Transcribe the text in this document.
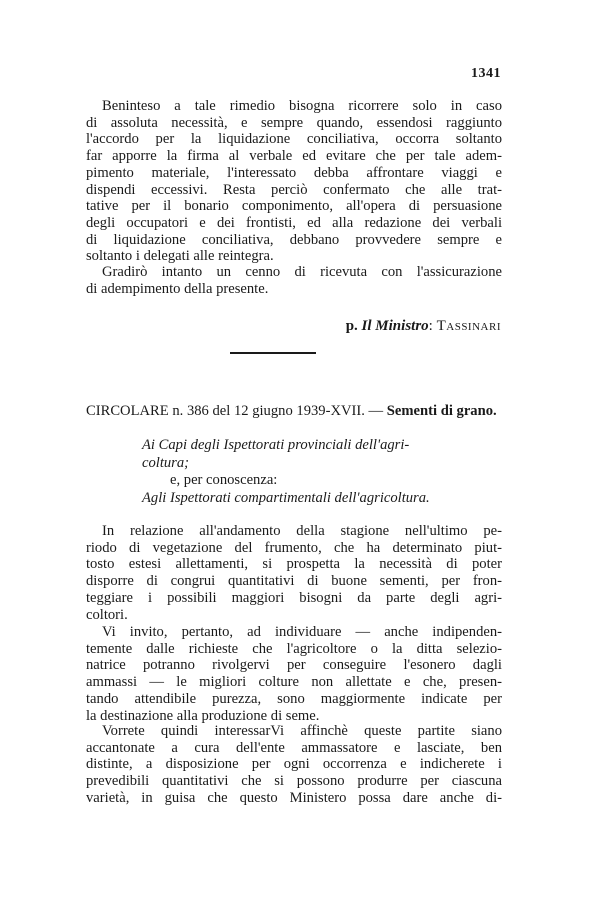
1341

Beninteso a tale rimedio bisogna ricorrere solo in caso
di assoluta necessità, e sempre quando, essendosi raggiunto
l'accordo per la liquidazione conciliativa, occorra soltanto
far apporre la firma al verbale ed evitare che per tale adem-
pimento materiale, l'interessato debba affrontare viaggi e
dispendi eccessivi. Resta perciò confermato che alle trat-
tative per il bonario componimento, all'opera di persuasione
degli occupatori e dei frontisti, ed alla redazione dei verbali
di liquidazione conciliativa, debbano provvedere sempre e
soltanto i delegati alle reintegra.

Gradirò intanto un cenno di ricevuta con l'assicurazione
di adempimento della presente.

p. Il Ministro: Tassinari
CIRCOLARE n. 386 del 12 giugno 1939-XVII. — Sementi di grano.
Ai Capi degli Ispettorati provinciali dell'agri-
coltura;
e, per conoscenza:
Agli Ispettorati compartimentali dell'agricoltura.

In relazione all'andamento della stagione nell'ultimo pe-
riodo di vegetazione del frumento, che ha determinato piut-
tosto estesi allettamenti, si prospetta la necessità di poter
disporre di congrui quantitativi di buone sementi, per fron-
teggiare i possibili maggiori bisogni da parte degli agri-
coltori.

Vi invito, pertanto, ad individuare — anche indipenden-
temente dalle richieste che l'agricoltore o la ditta selezio-
natrice potranno rivolgervi per conseguire l'esonero dagli
ammassi — le migliori colture non allettate e che, presen-
tando attendibile purezza, sono maggiormente indicate per
la destinazione alla produzione di seme.

Vorrete quindi interessarVi affinchè queste partite siano
accantonate a cura dell'ente ammassatore e lasciate, ben
distinte, a disposizione per ogni occorrenza e indicherete i
prevedibili quantitativi che si possono produrre per ciascuna
varietà, in guisa che questo Ministero possa dare anche di-
